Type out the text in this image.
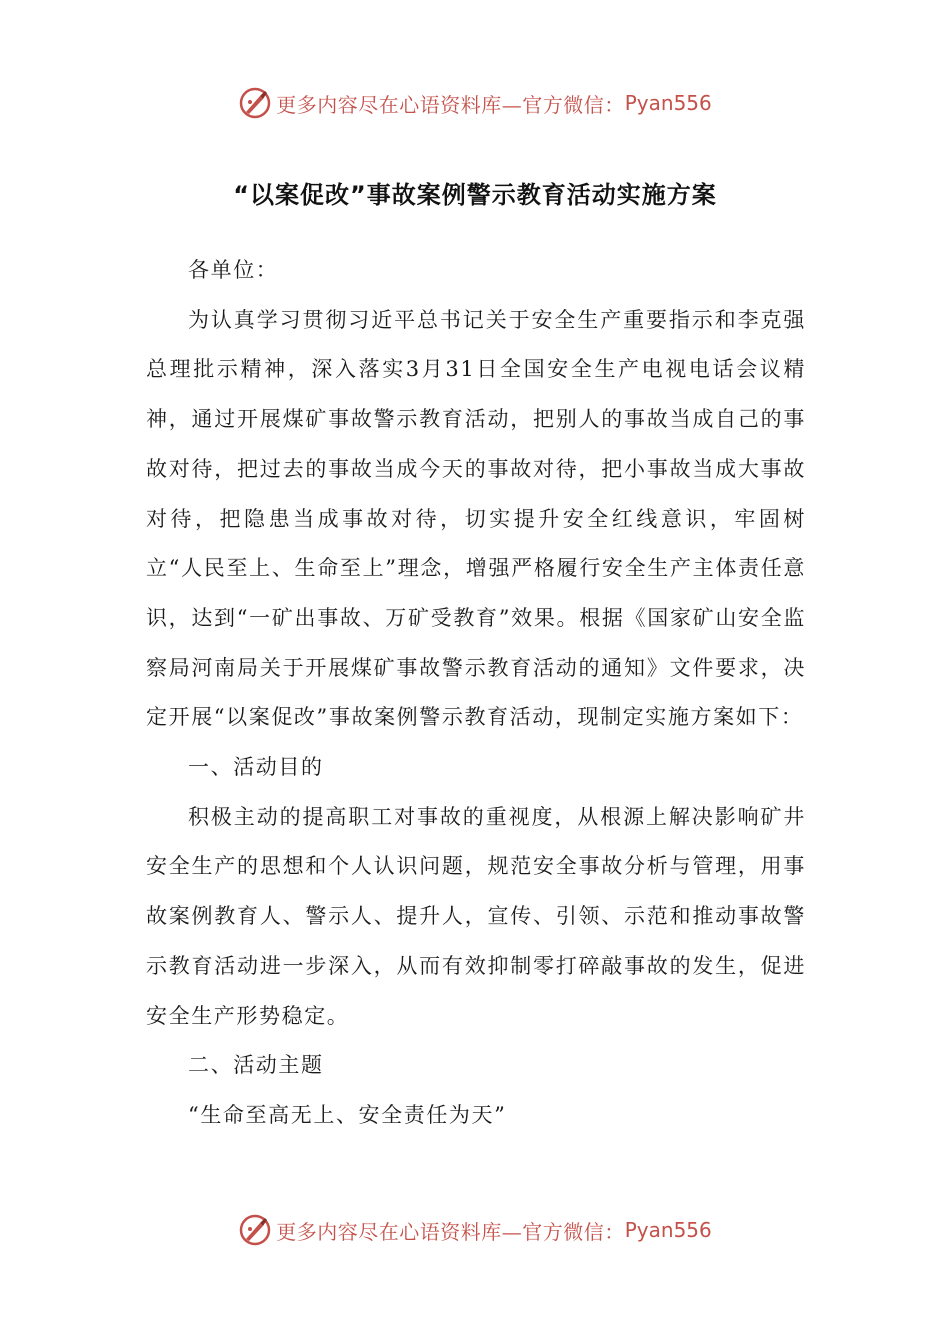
更多内容尽在心语资料库—官方微信： Pyan556
“以案促改”事故案例警示教育活动实施方案

各单位：

为认真学习贯彻习近平总书记关于安全生产重要指示和李克强总理批示精神，深入落实3月31日全国安全生产电视电话会议精神，通过开展煤矿事故警示教育活动，把别人的事故当成自己的事故对待，把过去的事故当成今天的事故对待，把小事故当成大事故对待，把隐患当成事故对待，切实提升安全红线意识，牢固树立“人民至上、生命至上”理念，增强严格履行安全生产主体责任意识，达到“一矿出事故、万矿受教育”效果。根据《国家矿山安全监察局河南局关于开展煤矿事故警示教育活动的通知》文件要求，决定开展“以案促改”事故案例警示教育活动，现制定实施方案如下：

一、活动目的

积极主动的提高职工对事故的重视度，从根源上解决影响矿井安全生产的思想和个人认识问题，规范安全事故分析与管理，用事故案例教育人、警示人、提升人，宣传、引领、示范和推动事故警示教育活动进一步深入，从而有效抑制零打碎敲事故的发生，促进安全生产形势稳定。

二、活动主题

“生命至高无上、安全责任为天”

更多内容尽在心语资料库—官方微信： Pyan556
